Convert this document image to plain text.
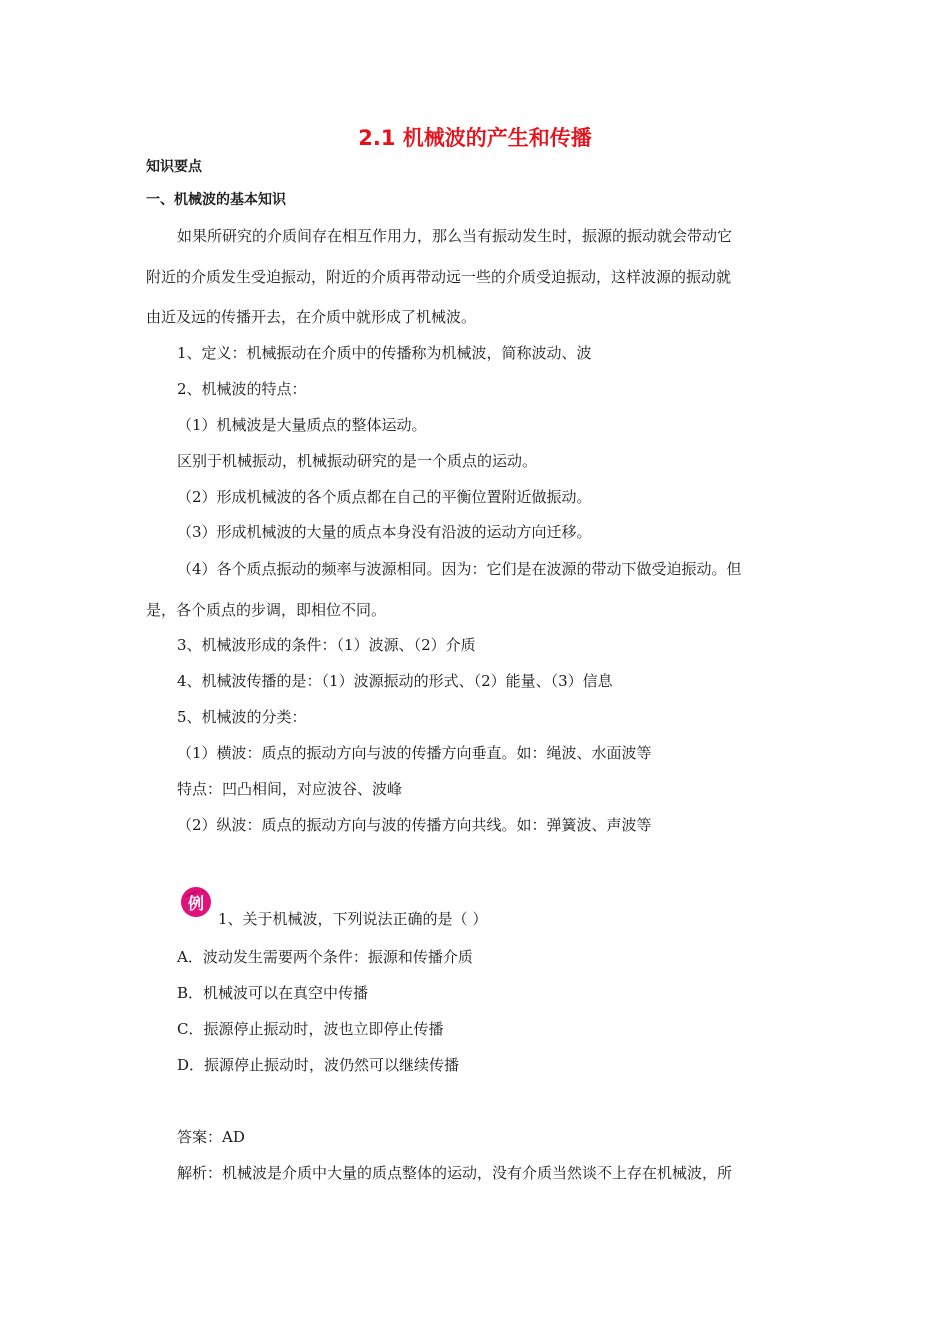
2.1 机械波的产生和传播
知识要点
一、机械波的基本知识
如果所研究的介质间存在相互作用力，那么当有振动发生时，振源的振动就会带动它
附近的介质发生受迫振动，附近的介质再带动远一些的介质受迫振动，这样波源的振动就
由近及远的传播开去，在介质中就形成了机械波。
1、定义：机械振动在介质中的传播称为机械波，简称波动、波
2、机械波的特点：
（1）机械波是大量质点的整体运动。
区别于机械振动，机械振动研究的是一个质点的运动。
（2）形成机械波的各个质点都在自己的平衡位置附近做振动。
（3）形成机械波的大量的质点本身没有沿波的运动方向迁移。
（4）各个质点振动的频率与波源相同。因为：它们是在波源的带动下做受迫振动。但
是，各个质点的步调，即相位不同。
3、机械波形成的条件：（1）波源、（2）介质
4、机械波传播的是：（1）波源振动的形式、（2）能量、（3）信息
5、机械波的分类：
（1）横波：质点的振动方向与波的传播方向垂直。如：绳波、水面波等
特点：凹凸相间，对应波谷、波峰
（2）纵波：质点的振动方向与波的传播方向共线。如：弹簧波、声波等
例
1、关于机械波，下列说法正确的是（ ）
A．波动发生需要两个条件：振源和传播介质
B．机械波可以在真空中传播
C．振源停止振动时，波也立即停止传播
D．振源停止振动时，波仍然可以继续传播
答案：AD
解析：机械波是介质中大量的质点整体的运动，没有介质当然谈不上存在机械波，所
